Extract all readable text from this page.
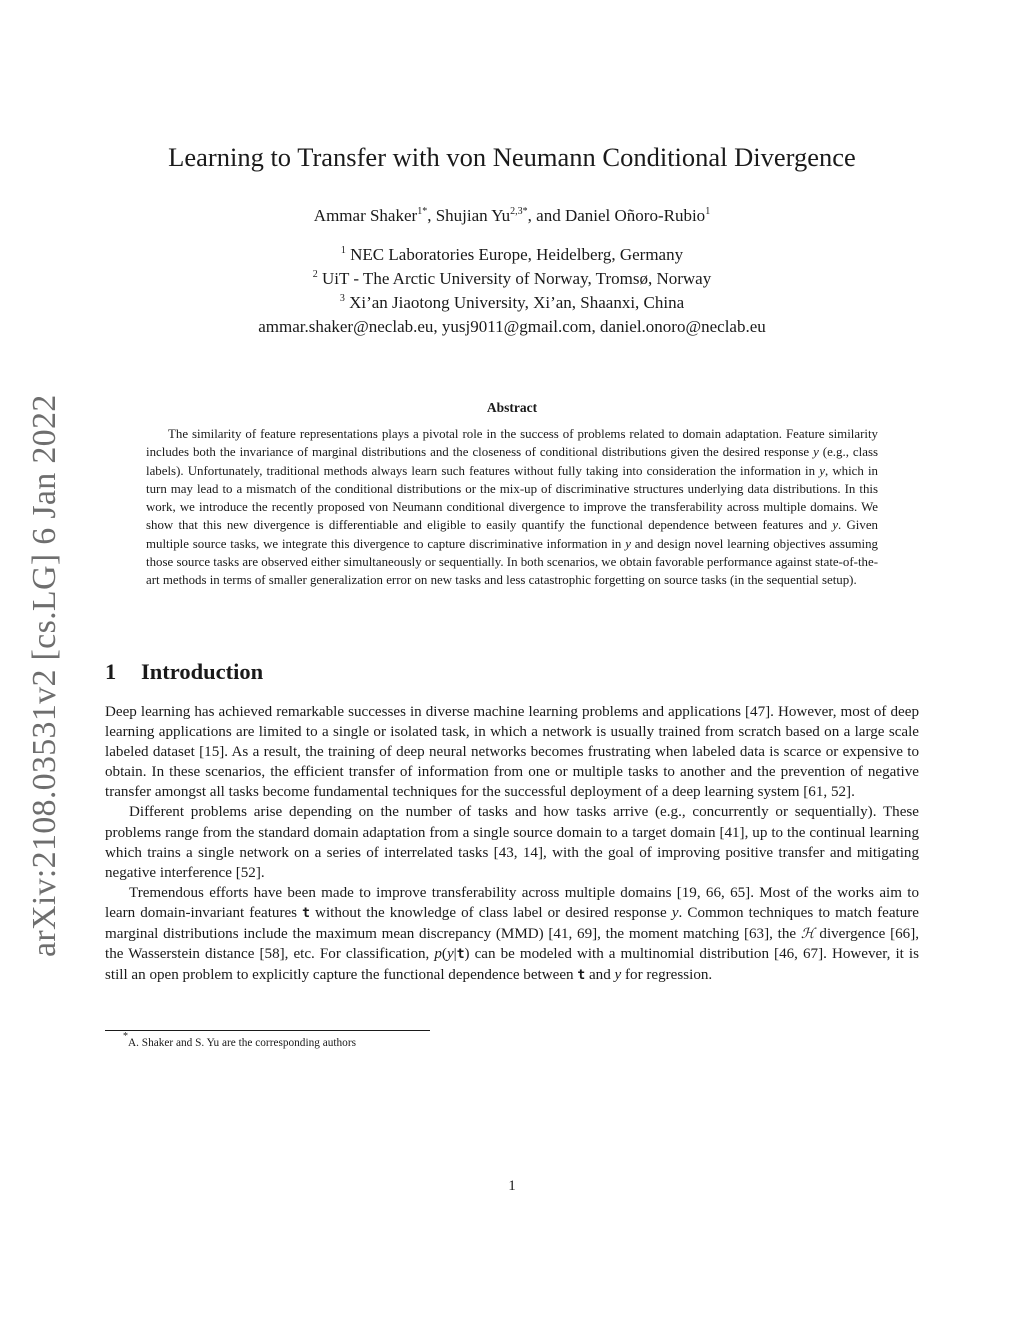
arXiv:2108.03531v2 [cs.LG] 6 Jan 2022
Learning to Transfer with von Neumann Conditional Divergence
Ammar Shaker$^{1*}$, Shujian $Yu^{2,3*}$, and Daniel Oñoro-Rubio$^1$
$^1$ NEC Laboratories Europe, Heidelberg, Germany
$^2$ UiT - The Arctic University of Norway, Tromsø, Norway
$^3$ Xi’an Jiaotong University, Xi’an, Shaanxi, China
ammar.shaker@neclab.eu, yusj9011@gmail.com, daniel.onoro@neclab.eu
Abstract

The similarity of feature representations plays a pivotal role in the success of problems related to domain adaptation. Feature similarity includes both the invariance of marginal distributions and the closeness of conditional distributions given the desired response y (e.g., class labels). Unfortunately, traditional methods always learn such features without fully taking into consideration the information in y, which in turn may lead to a mismatch of the conditional distributions or the mix-up of discriminative structures underlying data distributions. In this work, we introduce the recently proposed von Neumann conditional divergence to improve the transferability across multiple domains. We show that this new divergence is differentiable and eligible to easily quantify the functional dependence between features and y. Given multiple source tasks, we integrate this divergence to capture discriminative information in y and design novel learning objectives assuming those source tasks are observed either simultaneously or sequentially. In both scenarios, we obtain favorable performance against state-of-the-art methods in terms of smaller generalization error on new tasks and less catastrophic forgetting on source tasks (in the sequential setup).

1 Introduction

Deep learning has achieved remarkable successes in diverse machine learning problems and applications [47]. However, most of deep learning applications are limited to a single or isolated task, in which a network is usually trained from scratch based on a large scale labeled dataset [15]. As a result, the training of deep neural networks becomes frustrating when labeled data is scarce or expensive to obtain. In these scenarios, the efficient transfer of information from one or multiple tasks to another and the prevention of negative transfer amongst all tasks become fundamental techniques for the successful deployment of a deep learning system [61, 52].

Different problems arise depending on the number of tasks and how tasks arrive (e.g., concurrently or sequentially). These problems range from the standard domain adaptation from a single source domain to a target domain [41], up to the continual learning which trains a single network on a series of interrelated tasks [43, 14], with the goal of improving positive transfer and mitigating negative interference [52].

Tremendous efforts have been made to improve transferability across multiple domains [19, 66, 65]. Most of the works aim to learn domain-invariant features t without the knowledge of class label or desired response y. Common techniques to match feature marginal distributions include the maximum mean discrepancy (MMD) [41, 69], the moment matching [63], the ℋ divergence [66], the Wasserstein distance [58], etc. For classification, p(y|t) can be modeled with a multinomial distribution [46, 67]. However, it is still an open problem to explicitly capture the functional dependence between t and y for regression.

*A. Shaker and S. Yu are the corresponding authors
1
